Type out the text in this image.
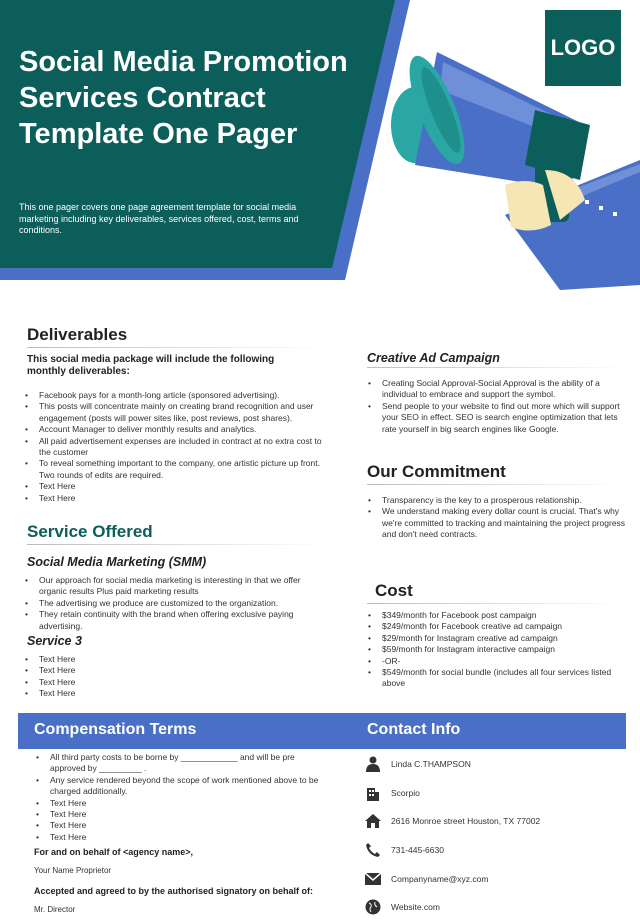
Social Media Promotion Services Contract Template One Pager
This one pager covers one page agreement template for social media marketing including key deliverables, services offered, cost, terms and conditions.
LOGO
Deliverables
This social media package will include the following monthly deliverables:
• Facebook pays for a month-long article (sponsored advertising).
• This posts will concentrate mainly on creating brand recognition and user engagement (posts will power sites like, post reviews, post shares).
• Account Manager to deliver monthly results and analytics.
• All paid advertisement expenses are included in contract at no extra cost to the customer
• To reveal something important to the company, one artistic picture up front. Two rounds of edits are required.
• Text Here
• Text Here
Service Offered
Social Media Marketing (SMM)
• Our approach for social media marketing is interesting in that we offer organic results Plus paid marketing results
• The advertising we produce are customized to the organization.
• They retain continuity with the brand when offering exclusive paying advertising.
Service 3
• Text Here
• Text Here
• Text Here
• Text Here
Creative Ad Campaign
• Creating Social Approval-Social Approval is the ability of a individual to embrace and support the symbol.
• Send people to your website to find out more which will support your SEO in effect. SEO is search engine optimization that lets rate yourself in big search engines like Google.
Our Commitment
• Transparency is the key to a prosperous relationship.
• We understand making every dollar count is crucial. That's why we're committed to tracking and maintaining the project progress and don't need contracts.
Cost
• $349/month for Facebook post campaign
• $249/month for Facebook creative ad campaign
• $29/month for Instagram creative ad campaign
• $59/month for Instagram interactive campaign
• -OR-
• $549/month for social bundle (includes all four services listed above
Compensation Terms	Contact Info
• All third party costs to be borne by ____________ and will be pre approved by _________ .
• Any service rendered beyond the scope of work mentioned above to be charged additionally.
• Text Here
• Text Here
• Text Here
• Text Here
For and on behalf of <agency name>,
Your Name Proprietor
Accepted and agreed to by the authorised signatory on behalf of:
Mr. Director
Linda C.THAMPSON
Scorpio
2616 Monroe street Houston, TX 77002
731-445-6630
Companyname@xyz.com
Website.com
